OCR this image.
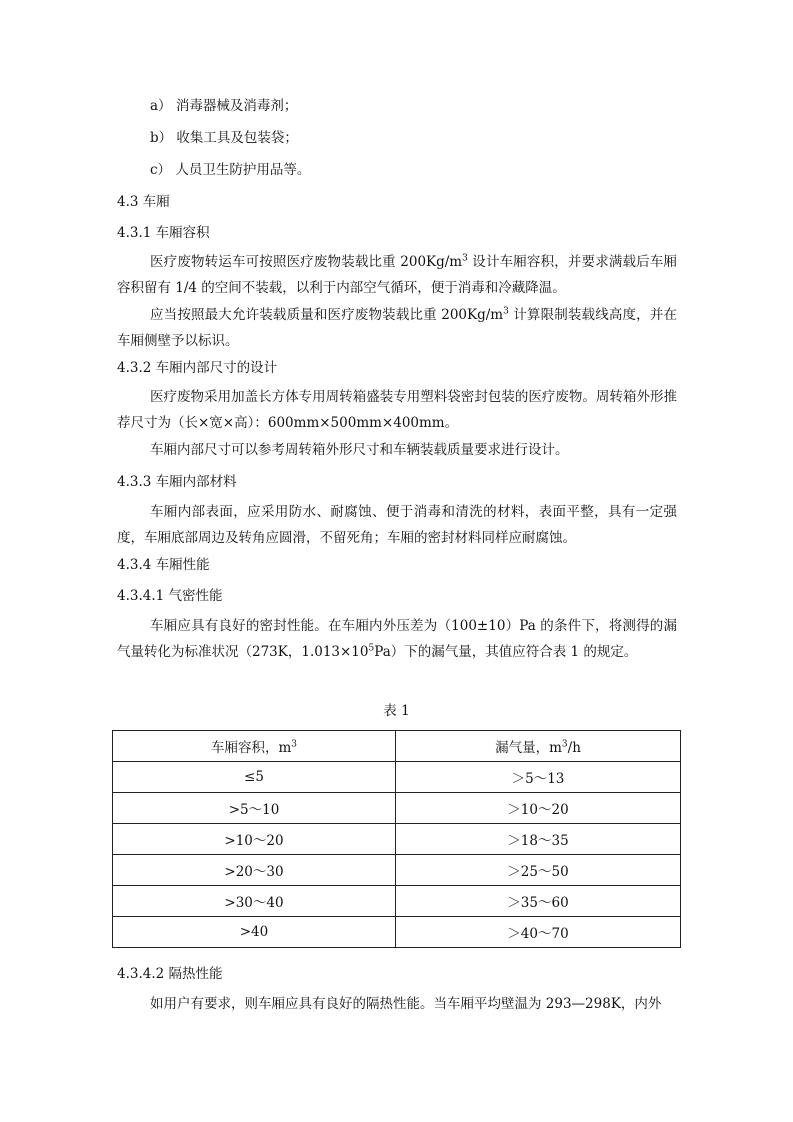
a） 消毒器械及消毒剂；
b） 收集工具及包装袋；
c） 人员卫生防护用品等。
4.3 车厢
4.3.1 车厢容积
医疗废物转运车可按照医疗废物装载比重 $200Kg/m^3$ 设计车厢容积，并要求满载后车厢容积留有 1/4 的空间不装载，以利于内部空气循环，便于消毒和冷藏降温。
应当按照最大允许装载质量和医疗废物装载比重 $200Kg/m^3$ 计算限制装载线高度，并在车厢侧壁予以标识。
4.3.2 车厢内部尺寸的设计
医疗废物采用加盖长方体专用周转箱盛装专用塑料袋密封包装的医疗废物。周转箱外形推荐尺寸为（长×宽×高）：600mm×500mm×400mm。
车厢内部尺寸可以参考周转箱外形尺寸和车辆装载质量要求进行设计。
4.3.3 车厢内部材料
车厢内部表面，应采用防水、耐腐蚀、便于消毒和清洗的材料，表面平整，具有一定强度，车厢底部周边及转角应圆滑，不留死角；车厢的密封材料同样应耐腐蚀。
4.3.4 车厢性能
4.3.4.1 气密性能
车厢应具有良好的密封性能。在车厢内外压差为（100±10）Pa 的条件下，将测得的漏气量转化为标准状况（273K，$1.013\times 10^5Pa$）下的漏气量，其值应符合表 1 的规定。
表 1
车厢容积，$m^3$	漏气量，$m^3/h$
≤5	＞5～13
>5～10	＞10～20
>10～20	＞18～35
>20～30	＞25～50
>30～40	＞35～60
>40	＞40～70
4.3.4.2 隔热性能
如用户有要求，则车厢应具有良好的隔热性能。当车厢平均壁温为 293—298K，内外
